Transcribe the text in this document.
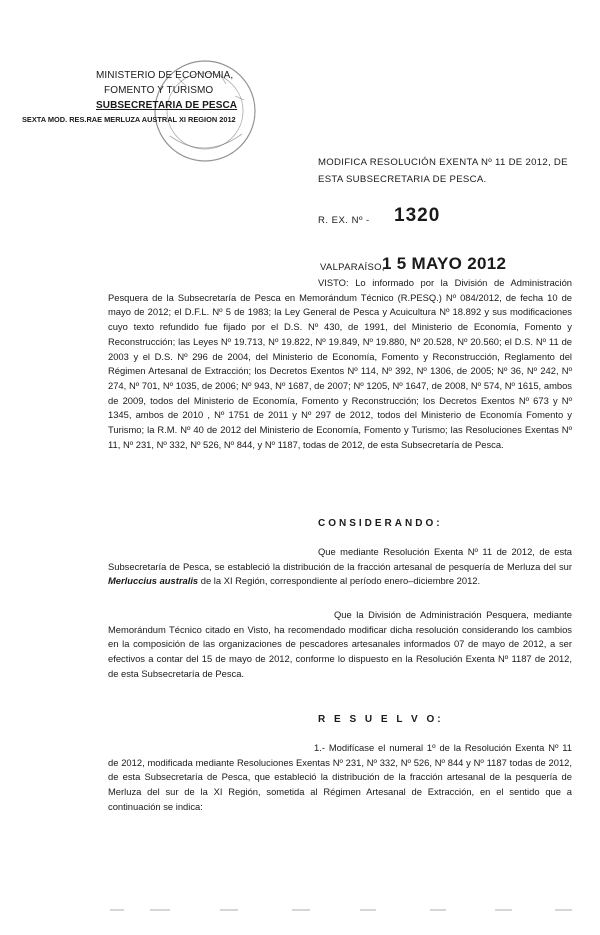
MINISTERIO DE ECONOMIA,
FOMENTO Y TURISMO
SUBSECRETARIA DE PESCA
SEXTA MOD. RES.RAE MERLUZA AUSTRAL XI REGION 2012
MODIFICA RESOLUCIÓN EXENTA Nº 11 DE 2012, DE ESTA SUBSECRETARIA DE PESCA.
R. EX. Nº - 1320
VALPARAÍSO,
1 5 MAYO 2012
VISTO: Lo informado por la División de Administración Pesquera de la Subsecretaría de Pesca en Memorándum Técnico (R.PESQ.) Nº 084/2012, de fecha 10 de mayo de 2012; el D.F.L. Nº 5 de 1983; la Ley General de Pesca y Acuicultura Nº 18.892 y sus modificaciones cuyo texto refundido fue fijado por el D.S. Nº 430, de 1991, del Ministerio de Economía, Fomento y Reconstrucción; las Leyes Nº 19.713, Nº 19.822, Nº 19.849, Nº 19.880, Nº 20.528, Nº 20.560; el D.S. Nº 11 de 2003 y el D.S. Nº 296 de 2004, del Ministerio de Economía, Fomento y Reconstrucción, Reglamento del Régimen Artesanal de Extracción; los Decretos Exentos Nº 114, Nº 392, Nº 1306, de 2005; Nº 36, Nº 242, Nº 274, Nº 701, Nº 1035, de 2006; Nº 943, Nº 1687, de 2007; Nº 1205, Nº 1647, de 2008, Nº 574, Nº 1615, ambos de 2009, todos del Ministerio de Economía, Fomento y Reconstrucción; los Decretos Exentos Nº 673 y Nº 1345, ambos de 2010 , Nº 1751 de 2011 y Nº 297 de 2012, todos del Ministerio de Economía Fomento y Turismo; la R.M. Nº 40 de 2012 del Ministerio de Economía, Fomento y Turismo; las Resoluciones Exentas Nº 11, Nº 231, Nº 332, Nº 526, Nº 844, y Nº 1187, todas de 2012, de esta Subsecretaría de Pesca.
CONSIDERANDO:
Que mediante Resolución Exenta Nº 11 de 2012, de esta Subsecretaría de Pesca, se estableció la distribución de la fracción artesanal de pesquería de Merluza del sur Merluccius australis de la XI Región, correspondiente al período enero–diciembre 2012.
Que la División de Administración Pesquera, mediante Memorándum Técnico citado en Visto, ha recomendado modificar dicha resolución considerando los cambios en la composición de las organizaciones de pescadores artesanales informados 07 de mayo de 2012, a ser efectivos a contar del 15 de mayo de 2012, conforme lo dispuesto en la Resolución Exenta Nº 1187 de 2012, de esta Subsecretaría de Pesca.
R E S U E L V O:
1.- Modifícase el numeral 1º de la Resolución Exenta Nº 11 de 2012, modificada mediante Resoluciones Exentas Nº 231, Nº 332, Nº 526, Nº 844 y Nº 1187 todas de 2012, de esta Subsecretaría de Pesca, que estableció la distribución de la fracción artesanal de la pesquería de Merluza del sur de la XI Región, sometida al Régimen Artesanal de Extracción, en el sentido que a continuación se indica:
